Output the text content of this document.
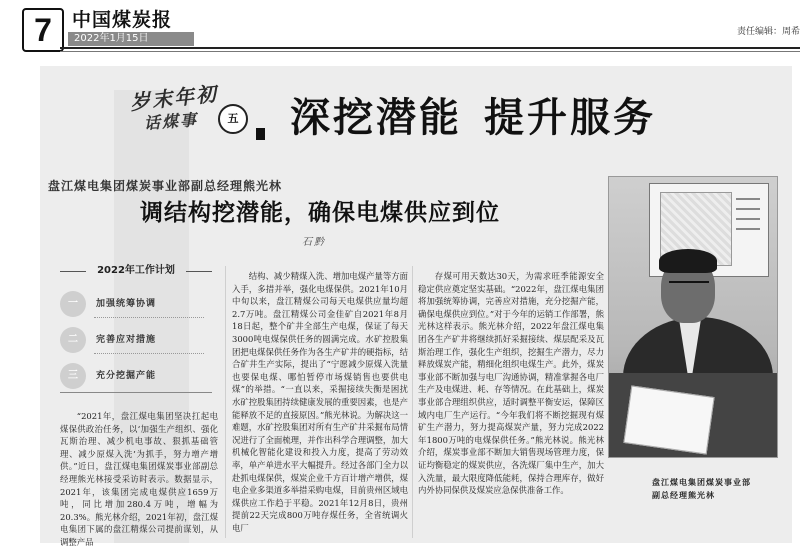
7	中国煤炭报
2022年1月15日
责任编辑：周希
岁末年初
话煤事	五 深挖潜能 提升服务
盘江煤电集团煤炭事业部副总经理熊光林
调结构挖潜能，确保电煤供应到位
石黔
盘江煤电集团煤炭事业部
副总经理熊光林
2022年工作计划
一	加强统筹协调
二	完善应对措施
三	充分挖掘产能

“2021年，盘江煤电集团坚决扛起电煤保供政治任务，以‘加强生产组织、强化瓦斯治理、减少机电事故、狠抓基础管理、减少原煤入洗’为抓手，努力增产增供。”近日，盘江煤电集团煤炭事业部副总经理熊光林接受采访时表示。数据显示，2021年，该集团完成电煤供应1659万吨，同比增加280.4万吨，增幅为20.3%。熊光林介绍，2021年初，盘江煤电集团下属的盘江精煤公司提前谋划，从调整产品

结构、减少精煤入洗、增加电煤产量等方面入手，多措并举，强化电煤保供。2021年10月中旬以来，盘江精煤公司每天电煤供应量均超2.7万吨。盘江精煤公司金佳矿自2021年8月18日起，整个矿井全部生产电煤，保证了每天3000吨电煤保供任务的圆满完成。水矿控股集团把电煤保供任务作为各生产矿井的硬指标，结合矿井生产实际，提出了“宁愿减少原煤入洗量也要保电煤、哪怕暂停市场煤销售也要供电煤”的举措。“一直以来，采掘接续失衡是困扰水矿控股集团持续健康发展的重要因素，也是产能释放不足的直接原因。”熊光林说。为解决这一难题，水矿控股集团对所有生产矿井采掘布局情况进行了全面梳理，并作出科学合理调整，加大机械化智能化建设和投入力度，提高了劳动效率，单产单进水平大幅提升。经过各部门全力以赴抓电煤保供，煤炭企业千方百计增产增供，煤电企业多渠道多举措采购电煤，目前贵州区域电煤供应工作趋于平稳。2021年12月8日，贵州提前22天完成800万吨存煤任务，全省统调火电厂

存煤可用天数达30天，为需求旺季能源安全稳定供应奠定坚实基础。“2022年，盘江煤电集团将加强统筹协调，完善应对措施，充分挖掘产能，确保电煤供应到位。”对于今年的运销工作部署，熊光林这样表示。熊光林介绍，2022年盘江煤电集团各生产矿井将继续抓好采掘接续、煤层配采及瓦斯治理工作，强化生产组织，挖掘生产潜力，尽力释放煤炭产能，精细化组织电煤生产。此外，煤炭事业部不断加强与电厂沟通协调，精准掌握各电厂生产及电煤进、耗、存等情况。在此基础上，煤炭事业部合理组织供应，适时调整平衡安运，保障区域内电厂生产运行。“今年我们将不断挖掘现有煤矿生产潜力，努力提高煤炭产量，努力完成2022年1800万吨的电煤保供任务。”熊光林说。熊光林介绍，煤炭事业部不断加大销售现场管理力度，保证均衡稳定的煤炭供应，各洗煤厂集中生产，加大入洗量，最大限度降低能耗，保持合理库存，做好内外协同保供及煤炭应急保供准备工作。
